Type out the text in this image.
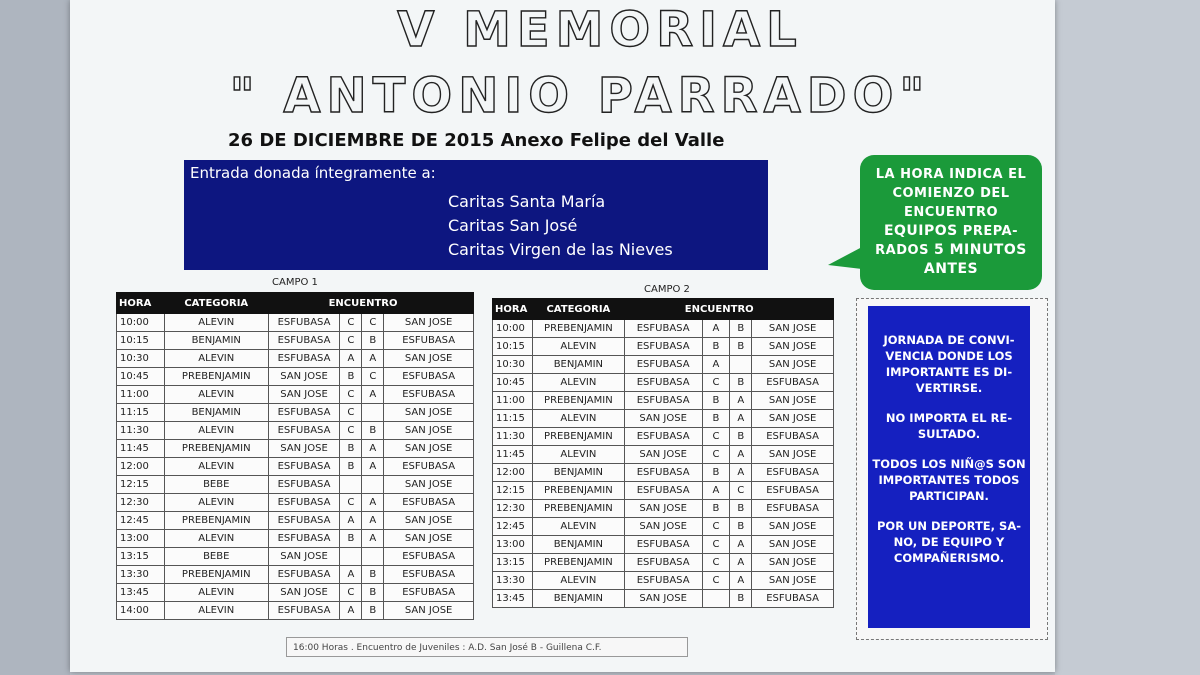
V MEMORIAL
" ANTONIO PARRADO"
26 DE DICIEMBRE DE 2015 Anexo Felipe del Valle
Entrada donada íntegramente a:
Caritas Santa María
Caritas San José
Caritas Virgen de las Nieves
LA HORA INDICA EL
COMIENZO DEL
ENCUENTRO
EQUIPOS PREPA-
RADOS 5 MINUTOS
ANTES
CAMPO 1
HORA	CATEGORIA	ENCUENTRO			
10:00	ALEVIN	ESFUBASA	C	C	SAN JOSE
10:15	BENJAMIN	ESFUBASA	C	B	ESFUBASA
10:30	ALEVIN	ESFUBASA	A	A	SAN JOSE
10:45	PREBENJAMIN	SAN JOSE	B	C	ESFUBASA
11:00	ALEVIN	SAN JOSE	C	A	ESFUBASA
11:15	BENJAMIN	ESFUBASA	C		SAN JOSE
11:30	ALEVIN	ESFUBASA	C	B	SAN JOSE
11:45	PREBENJAMIN	SAN JOSE	B	A	SAN JOSE
12:00	ALEVIN	ESFUBASA	B	A	ESFUBASA
12:15	BEBE	ESFUBASA			SAN JOSE
12:30	ALEVIN	ESFUBASA	C	A	ESFUBASA
12:45	PREBENJAMIN	ESFUBASA	A	A	SAN JOSE
13:00	ALEVIN	ESFUBASA	B	A	SAN JOSE
13:15	BEBE	SAN JOSE			ESFUBASA
13:30	PREBENJAMIN	ESFUBASA	A	B	ESFUBASA
13:45	ALEVIN	SAN JOSE	C	B	ESFUBASA
14:00	ALEVIN	ESFUBASA	A	B	SAN JOSE
CAMPO 2
HORA	CATEGORIA	ENCUENTRO			
10:00	PREBENJAMIN	ESFUBASA	A	B	SAN JOSE
10:15	ALEVIN	ESFUBASA	B	B	SAN JOSE
10:30	BENJAMIN	ESFUBASA	A		SAN JOSE
10:45	ALEVIN	ESFUBASA	C	B	ESFUBASA
11:00	PREBENJAMIN	ESFUBASA	B	A	SAN JOSE
11:15	ALEVIN	SAN JOSE	B	A	SAN JOSE
11:30	PREBENJAMIN	ESFUBASA	C	B	ESFUBASA
11:45	ALEVIN	SAN JOSE	C	A	SAN JOSE
12:00	BENJAMIN	ESFUBASA	B	A	ESFUBASA
12:15	PREBENJAMIN	ESFUBASA	A	C	ESFUBASA
12:30	PREBENJAMIN	SAN JOSE	B	B	ESFUBASA
12:45	ALEVIN	SAN JOSE	C	B	SAN JOSE
13:00	BENJAMIN	ESFUBASA	C	A	SAN JOSE
13:15	PREBENJAMIN	ESFUBASA	C	A	SAN JOSE
13:30	ALEVIN	ESFUBASA	C	A	SAN JOSE
13:45	BENJAMIN	SAN JOSE		B	ESFUBASA

JORNADA DE CONVI-VENCIA DONDE LOS IMPORTANTE ES DI-VERTIRSE.

NO IMPORTA EL RE-SULTADO.

TODOS LOS NIÑ@S SON IMPORTANTES TODOS PARTICIPAN.

POR UN DEPORTE, SA-NO, DE EQUIPO Y COMPAÑERISMO.

16:00 Horas . Encuentro de Juveniles : A.D. San José B - Guillena C.F.
